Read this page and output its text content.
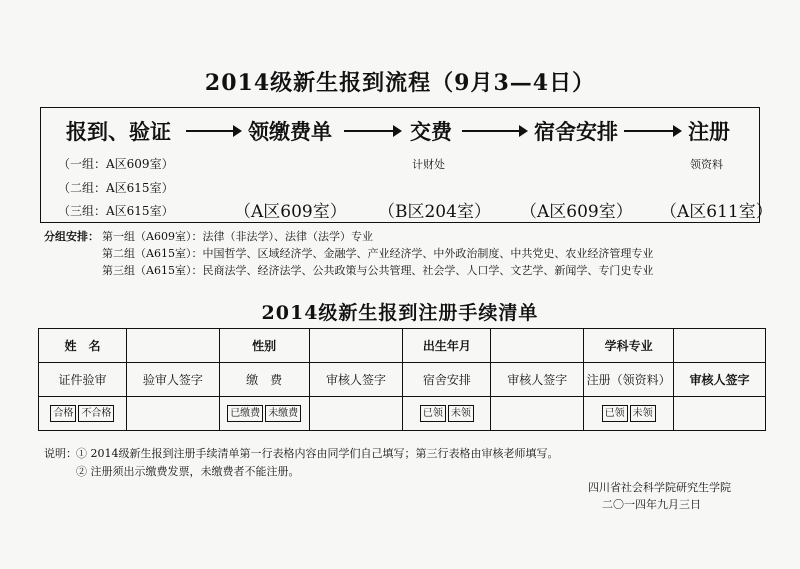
2014级新生报到流程（9月3—4日）
报到、验证	领缴费单	交费	宿舍安排	注册
（一组：A区609室）
（二组：A区615室）
（三组：A区615室）
计财处	领资料
（A区609室） （B区204室） （A区609室） （A区611室）
分组安排： 第一组（A609室）：法律（非法学）、法律（法学）专业
第二组（A615室）：中国哲学、区域经济学、金融学、产业经济学、中外政治制度、中共党史、农业经济管理专业
第三组（A615室）：民商法学、经济法学、公共政策与公共管理、社会学、人口学、文艺学、新闻学、专门史专业
2014级新生报到注册手续清单
姓　名		性别		出生年月		学科专业	
证件验审	验审人签字	缴　费	审核人签字	宿舍安排	审核人签字	注册（领资料）	审核人签字
合格 不合格		已缴费 未缴费		已领 未领		已领 未领	
说明： ① 2014级新生报到注册手续清单第一行表格内容由同学们自己填写；第三行表格由审核老师填写。
② 注册须出示缴费发票，未缴费者不能注册。
四川省社会科学院研究生学院
二〇一四年九月三日
